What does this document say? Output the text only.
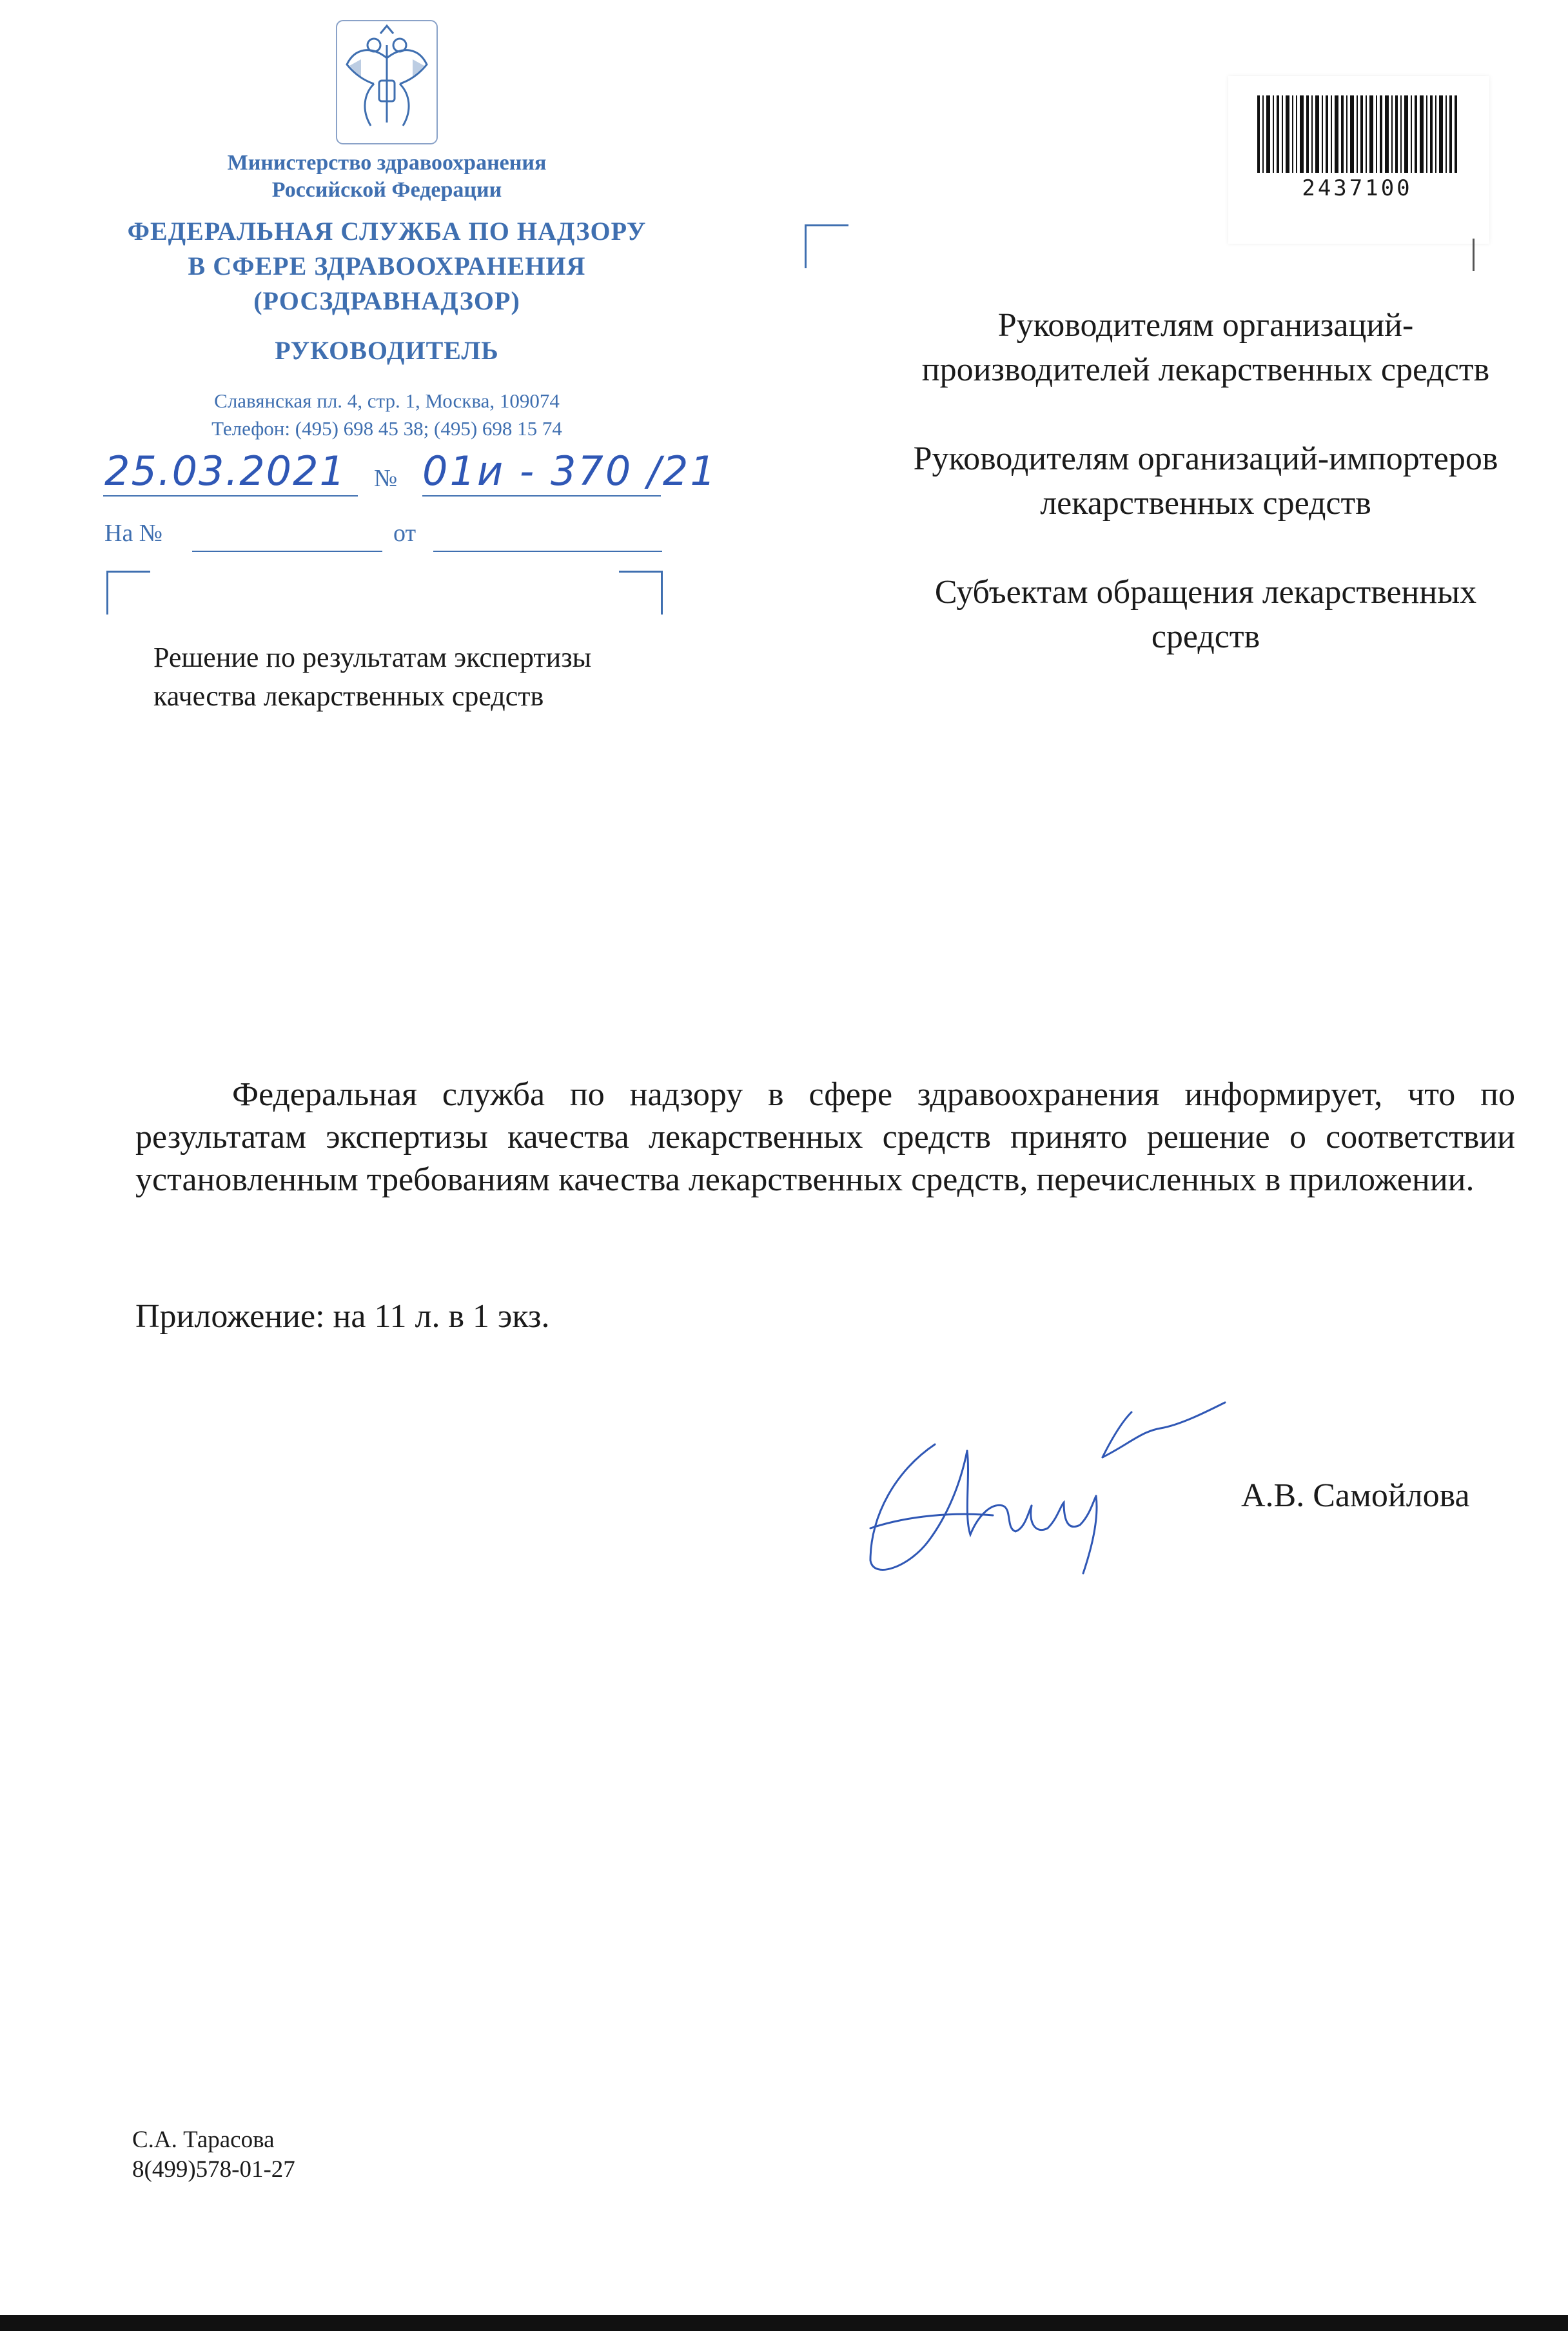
Министерство здравоохранения
Российской Федерации
ФЕДЕРАЛЬНАЯ СЛУЖБА ПО НАДЗОРУ
В СФЕРЕ ЗДРАВООХРАНЕНИЯ
(РОСЗДРАВНАДЗОР)
РУКОВОДИТЕЛЬ
Славянская пл. 4, стр. 1, Москва, 109074
Телефон: (495) 698 45 38; (495) 698 15 74
25.03.2021	№ 01и - 370 /21
На №	от
2437100
Решение по результатам экспертизы
качества лекарственных средств
Руководителям организаций-производителей лекарственных средств
Руководителям организаций-импортеров лекарственных средств
Субъектам обращения лекарственных средств
Федеральная служба по надзору в сфере здравоохранения информирует, что по результатам экспертизы качества лекарственных средств принято решение о соответствии установленным требованиям качества лекарственных средств, перечисленных в приложении.
Приложение: на 11 л. в 1 экз.
А.В. Самойлова
С.А. Тарасова
8(499)578-01-27
